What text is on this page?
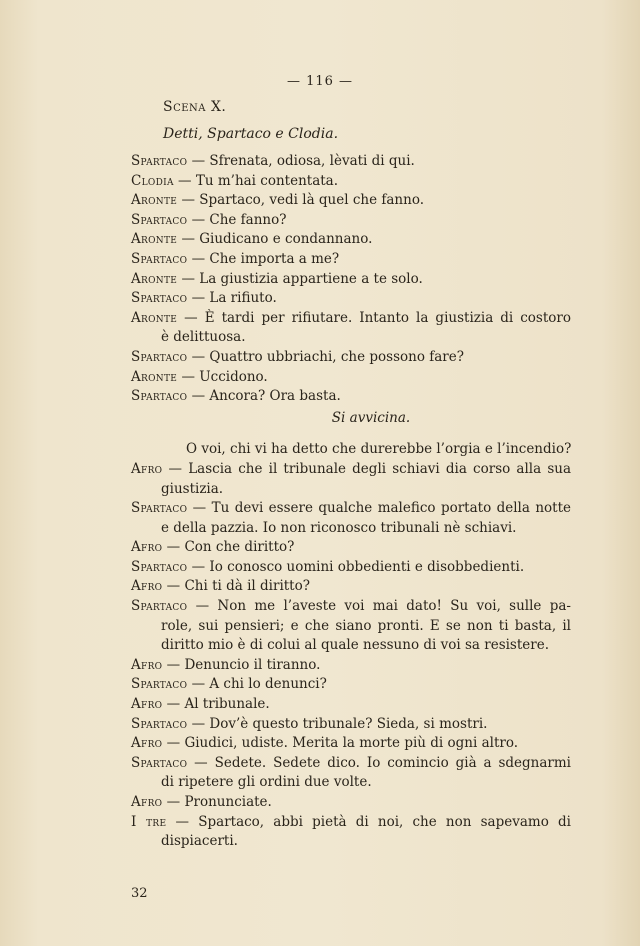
— 116 —
Scena X.
Detti, Spartaco e Clodia.
Spartaco — Sfrenata, odiosa, lèvati di qui.
Clodia — Tu m’hai contentata.
Aronte — Spartaco, vedi là quel che fanno.
Spartaco — Che fanno?
Aronte — Giudicano e condannano.
Spartaco — Che importa a me?
Aronte — La giustizia appartiene a te solo.
Spartaco — La rifiuto.
Aronte — È tardi per rifiutare. Intanto la giustizia di costoro
è delittuosa.
Spartaco — Quattro ubbriachi, che possono fare?
Aronte — Uccidono.
Spartaco — Ancora? Ora basta.
Si avvicina.
O voi, chi vi ha detto che durerebbe l’orgia e l’incendio?
Afro — Lascia che il tribunale degli schiavi dia corso alla sua
giustizia.
Spartaco — Tu devi essere qualche malefico portato della notte
e della pazzia. Io non riconosco tribunali nè schiavi.
Afro — Con che diritto?
Spartaco — Io conosco uomini obbedienti e disobbedienti.
Afro — Chi ti dà il diritto?
Spartaco — Non me l’aveste voi mai dato! Su voi, sulle pa-
role, sui pensieri; e che siano pronti. E se non ti basta, il
diritto mio è di colui al quale nessuno di voi sa resistere.
Afro — Denuncio il tiranno.
Spartaco — A chi lo denunci?
Afro — Al tribunale.
Spartaco — Dov’è questo tribunale? Sieda, si mostri.
Afro — Giudici, udiste. Merita la morte più di ogni altro.
Spartaco — Sedete. Sedete dico. Io comincio già a sdegnarmi
di ripetere gli ordini due volte.
Afro — Pronunciate.
I tre — Spartaco, abbi pietà di noi, che non sapevamo di
dispiacerti.
32
